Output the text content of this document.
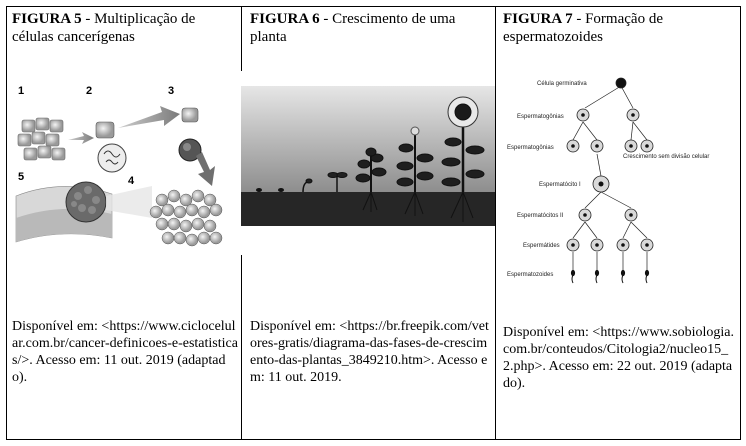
FIGURA 5 - Multiplicação de células cancerígenas
1	2	3
5	4
Disponível em: <https://www.ciclocelular.com.br/cancer-definicoes-e-estatisticas/>. Acesso em: 11 out. 2019 (adaptado).
FIGURA 6 - Crescimento de uma planta
Disponível em: <https://br.freepik.com/vetores-gratis/diagrama-das-fases-de-crescimento-das-plantas_3849210.htm>. Acesso em: 11 out. 2019.
FIGURA 7 - Formação de espermatozoides
Célula germinativa
Espermatogônias
Espermatogônias
Crescimento sem divisão celular
Espermatócito I
Espermatócitos II
Espermátides
Espermatozoides
Disponível em: <https://www.sobiologia.com.br/conteudos/Citologia2/nucleo15_2.php>. Acesso em: 22 out. 2019 (adaptado).
